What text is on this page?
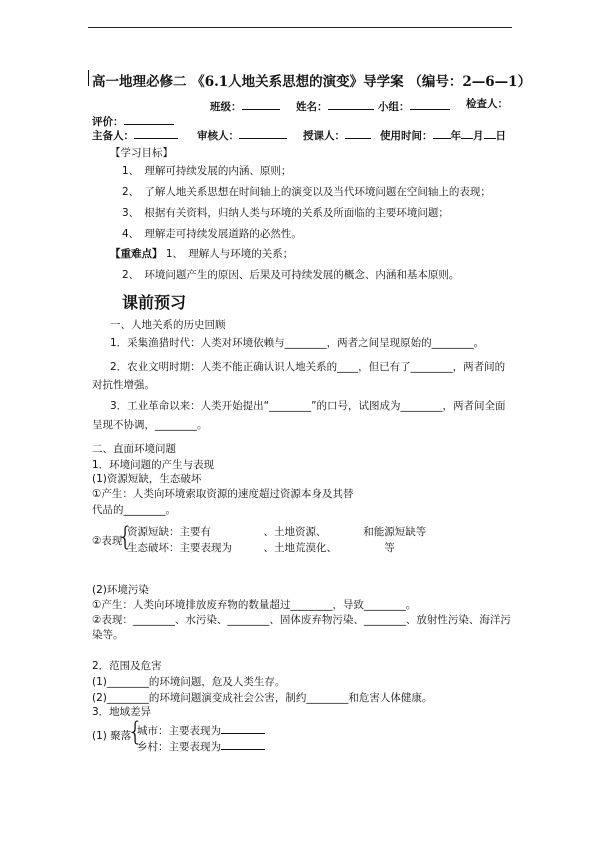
高一地理必修二 《6.1人地关系思想的演变》导学案 （编号：2—6—1）
班级：	姓名：	小组：	检查人：
评价：
主备人：	审核人：	授课人：	使用时间： 年 月 日
【学习目标】
1、　理解可持续发展的内涵、原则；
2、　了解人地关系思想在时间轴上的演变以及当代环境问题在空间轴上的表现；
3、　根据有关资料，归纳人类与环境的关系及所面临的主要环境问题；
4、　理解走可持续发展道路的必然性。
【重难点】 1、　理解人与环境的关系；
2、　环境问题产生的原因、后果及可持续发展的概念、内涵和基本原则。
课前预习
一、人地关系的历史回顾
1．采集渔猎时代：人类对环境依赖与________，两者之间呈现原始的________。
2．农业文明时期：人类不能正确认识人地关系的____，但已有了________，两者间的
对抗性增强。
3．工业革命以来：人类开始提出“________”的口号，试图成为________，两者间全面
呈现不协调，________。
二、直面环境问题
1．环境问题的产生与表现
(1)资源短缺，生态破坏
①产生：人类向环境索取资源的速度超过资源本身及其替
代品的________。
②表现
{
资源短缺：主要有　　　　　、土地资源、　　　　和能源短缺等
生态破坏：主要表现为　　　、土地荒漠化、　　　　　等
(2)环境污染
①产生：人类向环境排放废弃物的数量超过________，导致________。
②表现：________、水污染、________、固体废弃物污染、________、放射性污染、海洋污
染等。
2．范围及危害
(1)________的环境问题，危及人类生存。
(2)________的环境问题演变成社会公害，制约________和危害人体健康。
3．地域差异
(1) 聚落
{
城市：主要表现为
乡村：主要表现为
